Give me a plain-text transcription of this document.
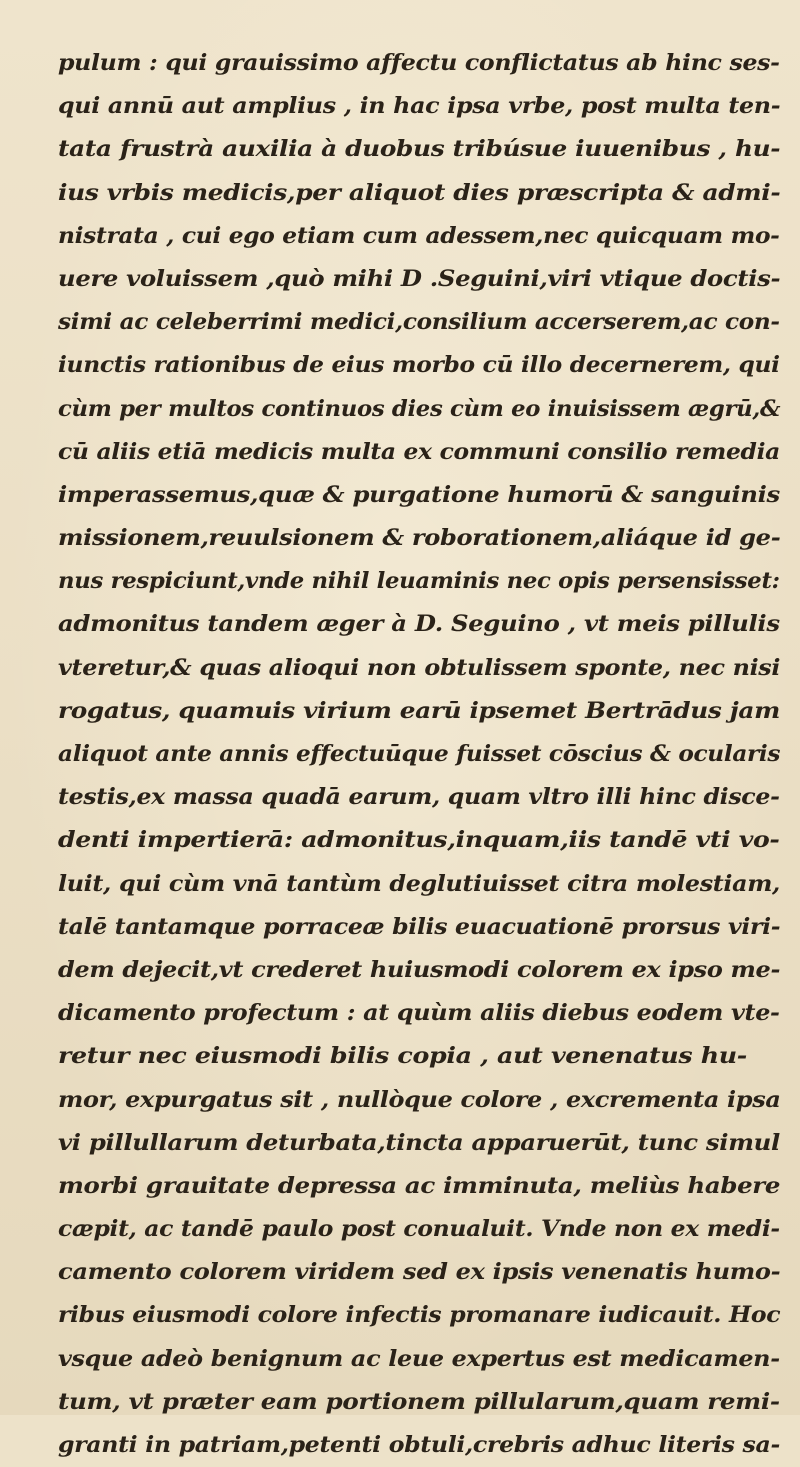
pulum : qui grauissimo affectu conflictatus ab hinc ses-
qui annū aut amplius , in hac ipsa vrbe, post multa ten-
tata frustrà auxilia à duobus tribúsue iuuenibus , hu-
ius vrbis medicis,per aliquot dies præscripta & admi-
nistrata , cui ego etiam cum adessem,nec quicquam mo-
uere voluissem ,quò mihi D .Seguini,viri vtique doctis-
simi ac celeberrimi medici,consilium accerserem,ac con-
iunctis rationibus de eius morbo cū illo decernerem, qui
cùm per multos continuos dies cùm eo inuisissem ægrū,&
cū aliis etiā medicis multa ex communi consilio remedia
imperassemus,quæ & purgatione humorū & sanguinis
missionem,reuulsionem & roborationem,aliáque id ge-
nus respiciunt,vnde nihil leuaminis nec opis persensisset:
admonitus tandem æger à D. Seguino , vt meis pillulis
vteretur,& quas alioqui non obtulissem sponte, nec nisi
rogatus, quamuis virium earū ipsemet Bertrādus jam
aliquot ante annis effectuūque fuisset cōscius & ocularis
testis,ex massa quadā earum, quam vltro illi hinc disce-
denti impertierā: admonitus,inquam,iis tandē vti vo-
luit, qui cùm vnā tantùm deglutiuisset citra molestiam,
talē tantamque porraceæ bilis euacuationē prorsus viri-
dem dejecit,vt crederet huiusmodi colorem ex ipso me-
dicamento profectum : at quùm aliis diebus eodem vte-
retur nec eiusmodi bilis copia , aut venenatus hu-
mor, expurgatus sit , nullòque colore , excrementa ipsa
vi pillullarum deturbata,tincta apparuerūt, tunc simul
morbi grauitate depressa ac imminuta, meliùs habere
cæpit, ac tandē paulo post conualuit. Vnde non ex medi-
camento colorem viridem sed ex ipsis venenatis humo-
ribus eiusmodi colore infectis promanare iudicauit. Hoc
vsque adeò benignum ac leue expertus est medicamen-
tum, vt præter eam portionem pillularum,quam remi-
granti in patriam,petenti obtuli,crebris adhuc literis sa-
